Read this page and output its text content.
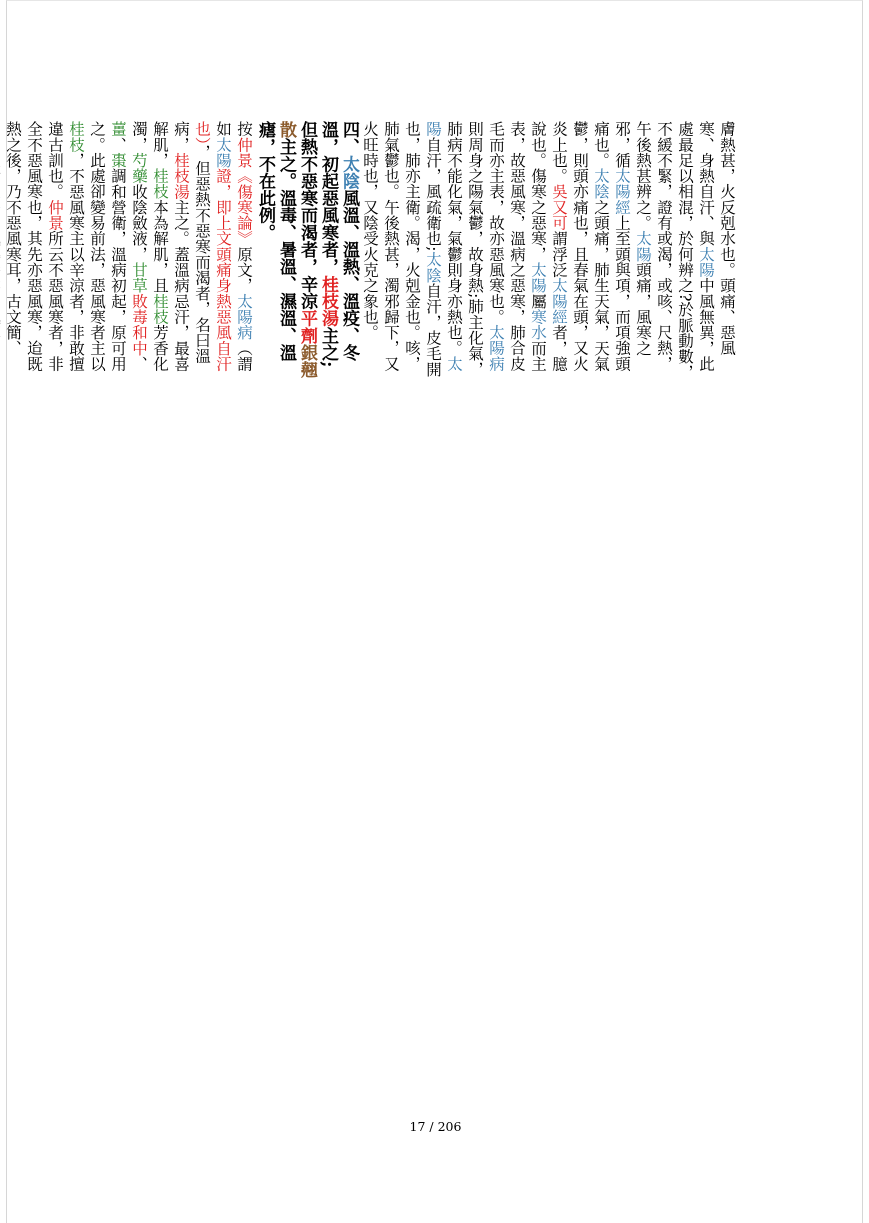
膚熱甚，火反剋水也。頭痛、惡風寒、身熱自汗、與太陽中風無異，此處最足以相混，於何辨之?於脈動數，不緩不緊，證有或渴，或咳、尺熱，午後熱甚辨之。太陽頭痛，風寒之邪，循太陽經上至頭與項，而項強頭痛也。太陰之頭痛，肺生天氣，天氣鬱，則頭亦痛也，且春氣在頭，又火炎上也。吳又可謂浮泛太陽經者，臆說也。傷寒之惡寒，太陽屬寒水而主表，故惡風寒，溫病之惡寒，肺合皮毛而亦主表，故亦惡風寒也。太陽病則周身之陽氣鬱，故身熱;肺主化氣，肺病不能化氣，氣鬱則身亦熱也。太陽自汗，風疏衛也;太陰自汗，皮毛開也，肺亦主衛。渴，火剋金也。咳，肺氣鬱也。午後熱甚，濁邪歸下，又火旺時也，又陰受火克之象也。

四、太陰風溫、溫熱、溫疫、冬溫，初起惡風寒者，桂枝湯主之;但熱不惡寒而渴者，辛涼平劑銀翹散主之。溫毒、暑溫、濕溫、溫瘧，不在此例。

按仲景《傷寒論》原文，太陽病（謂如太陽證，即上文頭痛身熱惡風自汗也），但惡熱不惡寒而渴者，名曰溫病，桂枝湯主之。蓋溫病忌汗，最喜解肌，桂枝本為解肌，且桂枝芳香化濁，芍藥收陰斂液，甘草敗毒和中、薑、棗調和營衛，溫病初起，原可用之。此處卻變易前法，惡風寒者主以桂枝，不惡風寒主以辛涼者，非敢擅違古訓也。仲景所云不惡風寒者，非全不惡風寒也，其先亦惡風寒，迨既熱之後，乃不惡風寒耳，古文簡、

17 / 206
